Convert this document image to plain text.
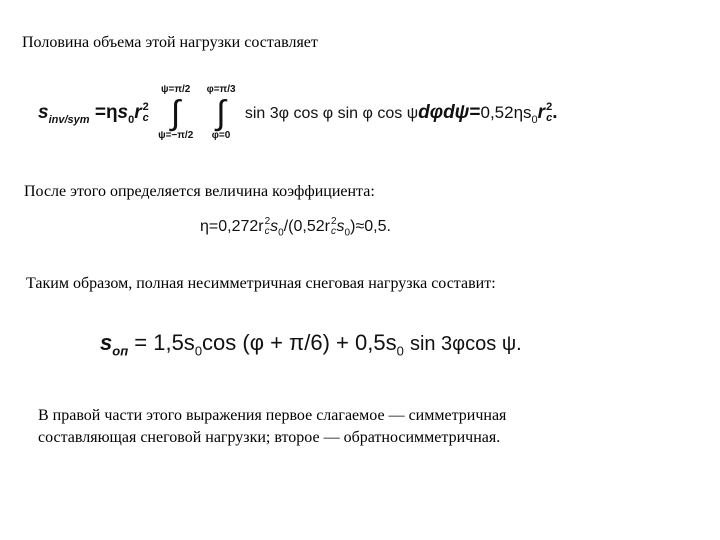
Половина объема этой нагрузки составляет
$s_{inv/sym} =\eta s_0r$ 2
c

ψ=π/2
∫
ψ=−π/2

φ=π/3
∫
φ=0
sin 3φ cos φ sin φ $\cos \psi d\varphi d\psi=0,52\eta s_0r$ 2
c .
После этого определяется величина коэффициента:
η=0,272r 2
c $s_0/(0,52r$ 2
c $s_0)\approx 0,5$.
Таким образом, полная несимметричная снеговая нагрузка составит:
$s_{оп} = 1,5s_0\cos$ $(\varphi + \pi/6) + 0,5s_0$ sin 3φcos ψ.
В правой части этого выражения первое слагаемое — симметричная
составляющая снеговой нагрузки; второе — обратносимметричная.
